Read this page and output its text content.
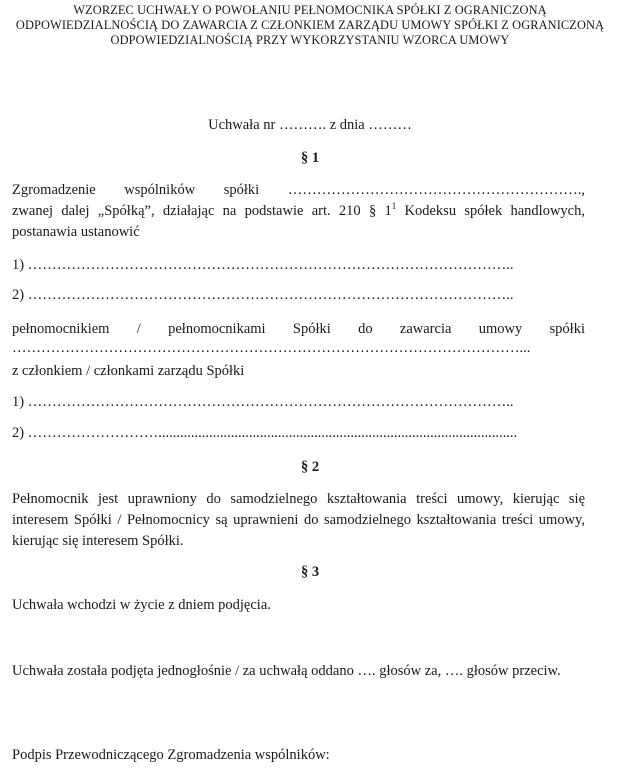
WZORZEC UCHWAŁY O POWOŁANIU PEŁNOMOCNIKA SPÓŁKI Z OGRANICZONĄ
ODPOWIEDZIALNOŚCIĄ DO ZAWARCIA Z CZŁONKIEM ZARZĄDU UMOWY SPÓŁKI Z OGRANICZONĄ
ODPOWIEDZIALNOŚCIĄ PRZY WYKORZYSTANIU WZORCA UMOWY
Uchwała nr ………. z dnia ………
§ 1
Zgromadzenie wspólników spółki …………………………………………………….,
zwanej dalej „Spółką”, działając na podstawie art. 210 § $1^1$ Kodeksu spółek handlowych,
postanawia ustanowić
1) ………………………………………………………………………………………..
2) ………………………………………………………………………………………..
pełnomocnikiem / pełnomocnikami Spółki do zawarcia umowy spółki
……………………………………………………………………………………………...
z członkiem / członkami zarządu Spółki
1) ………………………………………………………………………………………..
2) ………………………...................................................................................................
§ 2
Pełnomocnik jest uprawniony do samodzielnego kształtowania treści umowy, kierując się interesem Spółki / Pełnomocnicy są uprawnieni do samodzielnego kształtowania treści umowy, kierując się interesem Spółki.
§ 3
Uchwała wchodzi w życie z dniem podjęcia.
Uchwała została podjęta jednogłośnie / za uchwałą oddano …. głosów za, …. głosów przeciw.
Podpis Przewodniczącego Zgromadzenia wspólników:
